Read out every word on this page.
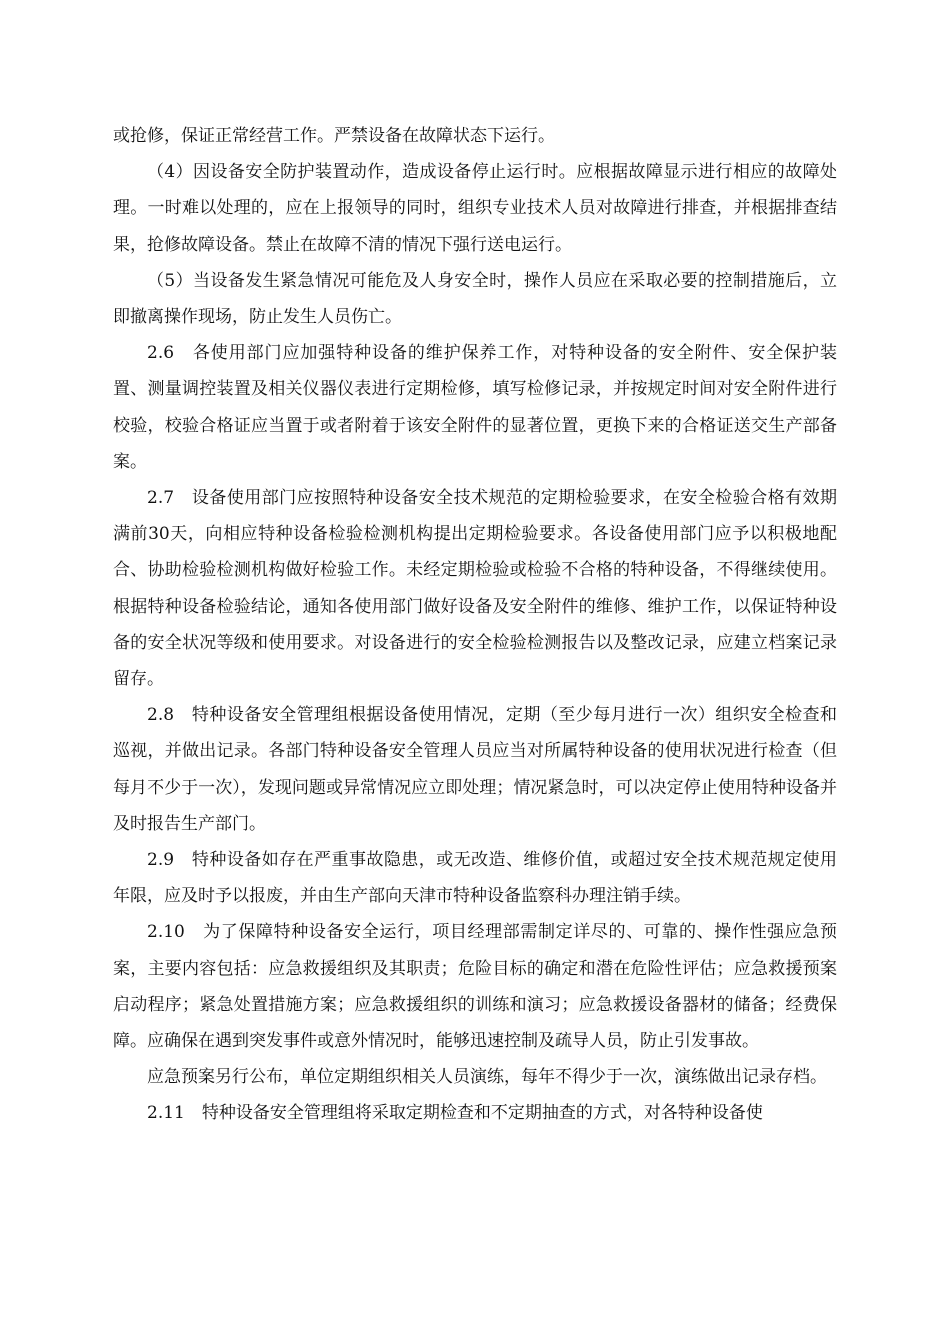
或抢修，保证正常经营工作。严禁设备在故障状态下运行。

（4）因设备安全防护装置动作，造成设备停止运行时。应根据故障显示进行相应的故障处理。一时难以处理的，应在上报领导的同时，组织专业技术人员对故障进行排查，并根据排查结果，抢修故障设备。禁止在故障不清的情况下强行送电运行。

（5）当设备发生紧急情况可能危及人身安全时，操作人员应在采取必要的控制措施后，立即撤离操作现场，防止发生人员伤亡。

2.6　各使用部门应加强特种设备的维护保养工作，对特种设备的安全附件、安全保护装置、测量调控装置及相关仪器仪表进行定期检修，填写检修记录，并按规定时间对安全附件进行校验，校验合格证应当置于或者附着于该安全附件的显著位置，更换下来的合格证送交生产部备案。

2.7　设备使用部门应按照特种设备安全技术规范的定期检验要求，在安全检验合格有效期满前30天，向相应特种设备检验检测机构提出定期检验要求。各设备使用部门应予以积极地配合、协助检验检测机构做好检验工作。未经定期检验或检验不合格的特种设备，不得继续使用。根据特种设备检验结论，通知各使用部门做好设备及安全附件的维修、维护工作，以保证特种设备的安全状况等级和使用要求。对设备进行的安全检验检测报告以及整改记录，应建立档案记录留存。

2.8　特种设备安全管理组根据设备使用情况，定期（至少每月进行一次）组织安全检查和巡视，并做出记录。各部门特种设备安全管理人员应当对所属特种设备的使用状况进行检查（但每月不少于一次），发现问题或异常情况应立即处理；情况紧急时，可以决定停止使用特种设备并及时报告生产部门。

2.9　特种设备如存在严重事故隐患，或无改造、维修价值，或超过安全技术规范规定使用年限，应及时予以报废，并由生产部向天津市特种设备监察科办理注销手续。

2.10　为了保障特种设备安全运行，项目经理部需制定详尽的、可靠的、操作性强应急预案，主要内容包括：应急救援组织及其职责；危险目标的确定和潜在危险性评估；应急救援预案启动程序；紧急处置措施方案；应急救援组织的训练和演习；应急救援设备器材的储备；经费保障。应确保在遇到突发事件或意外情况时，能够迅速控制及疏导人员，防止引发事故。

应急预案另行公布，单位定期组织相关人员演练，每年不得少于一次，演练做出记录存档。

2.11　特种设备安全管理组将采取定期检查和不定期抽查的方式，对各特种设备使
